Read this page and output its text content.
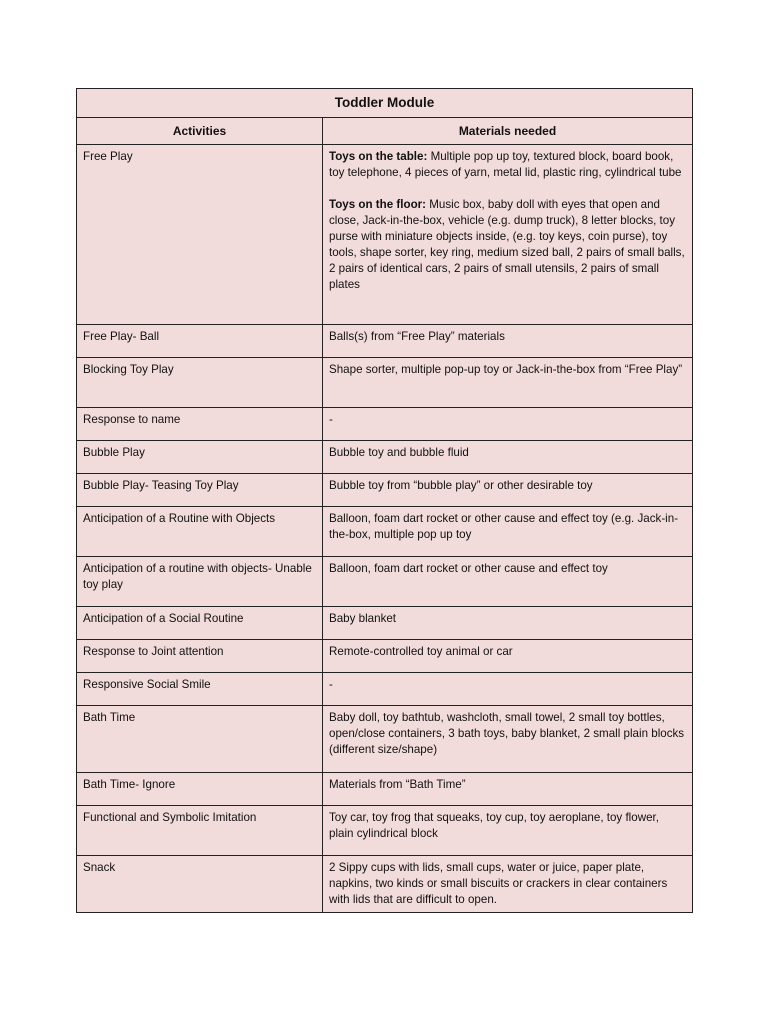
Toddler Module	
Activities	Materials needed
Free Play	Toys on the table: Multiple pop up toy, textured block, board book, toy telephone, 4 pieces of yarn, metal lid, plastic ring, cylindrical tube

Toys on the floor: Music box, baby doll with eyes that open and close, Jack-in-the-box, vehicle (e.g. dump truck), 8 letter blocks, toy purse with miniature objects inside, (e.g. toy keys, coin purse), toy tools, shape sorter, key ring, medium sized ball, 2 pairs of small balls, 2 pairs of identical cars, 2 pairs of small utensils, 2 pairs of small plates

Free Play- Ball	Balls(s) from “Free Play” materials
Blocking Toy Play	Shape sorter, multiple pop-up toy or Jack-in-the-box from “Free Play”
Response to name	-
Bubble Play	Bubble toy and bubble fluid
Bubble Play- Teasing Toy Play	Bubble toy from “bubble play” or other desirable toy
Anticipation of a Routine with Objects	Balloon, foam dart rocket or other cause and effect toy (e.g. Jack-in-the-box, multiple pop up toy
Anticipation of a routine with objects- Unable toy play	Balloon, foam dart rocket or other cause and effect toy
Anticipation of a Social Routine	Baby blanket
Response to Joint attention	Remote-controlled toy animal or car
Responsive Social Smile	-
Bath Time	Baby doll, toy bathtub, washcloth, small towel, 2 small toy bottles, open/close containers, 3 bath toys, baby blanket, 2 small plain blocks (different size/shape)
Bath Time- Ignore	Materials from “Bath Time”
Functional and Symbolic Imitation	Toy car, toy frog that squeaks, toy cup, toy aeroplane, toy flower, plain cylindrical block
Snack	2 Sippy cups with lids, small cups, water or juice, paper plate, napkins, two kinds or small biscuits or crackers in clear containers with lids that are difficult to open.
